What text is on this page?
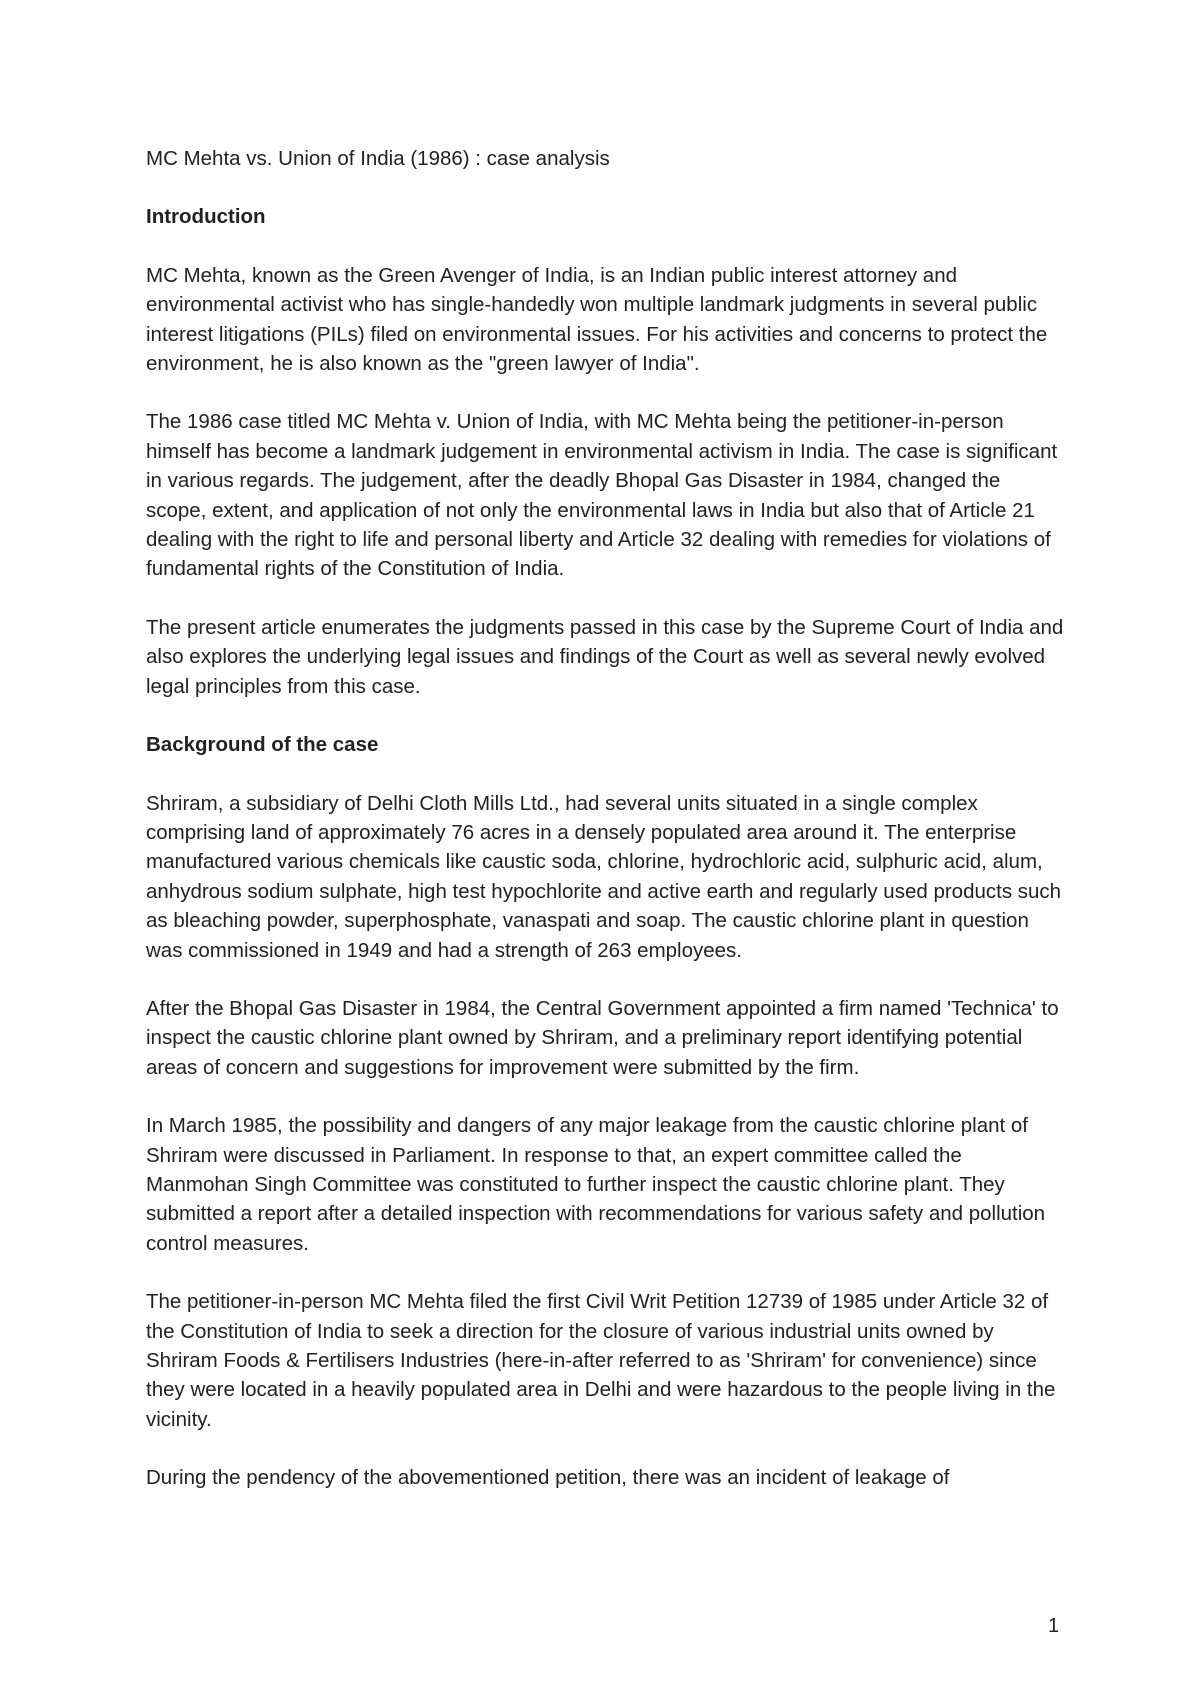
MC Mehta vs. Union of India (1986) : case analysis

Introduction

MC Mehta, known as the Green Avenger of India, is an Indian public interest attorney and environmental activist who has single-handedly won multiple landmark judgments in several public interest litigations (PILs) filed on environmental issues. For his activities and concerns to protect the environment, he is also known as the "green lawyer of India".

The 1986 case titled MC Mehta v. Union of India, with MC Mehta being the petitioner-in-person himself has become a landmark judgement in environmental activism in India. The case is significant in various regards. The judgement, after the deadly Bhopal Gas Disaster in 1984, changed the scope, extent, and application of not only the environmental laws in India but also that of Article 21 dealing with the right to life and personal liberty and Article 32 dealing with remedies for violations of fundamental rights of the Constitution of India.

The present article enumerates the judgments passed in this case by the Supreme Court of India and also explores the underlying legal issues and findings of the Court as well as several newly evolved legal principles from this case.

Background of the case

Shriram, a subsidiary of Delhi Cloth Mills Ltd., had several units situated in a single complex comprising land of approximately 76 acres in a densely populated area around it. The enterprise manufactured various chemicals like caustic soda, chlorine, hydrochloric acid, sulphuric acid, alum, anhydrous sodium sulphate, high test hypochlorite and active earth and regularly used products such as bleaching powder, superphosphate, vanaspati and soap. The caustic chlorine plant in question was commissioned in 1949 and had a strength of 263 employees.

After the Bhopal Gas Disaster in 1984, the Central Government appointed a firm named 'Technica' to inspect the caustic chlorine plant owned by Shriram, and a preliminary report identifying potential areas of concern and suggestions for improvement were submitted by the firm.

In March 1985, the possibility and dangers of any major leakage from the caustic chlorine plant of Shriram were discussed in Parliament. In response to that, an expert committee called the Manmohan Singh Committee was constituted to further inspect the caustic chlorine plant. They submitted a report after a detailed inspection with recommendations for various safety and pollution control measures.

The petitioner-in-person MC Mehta filed the first Civil Writ Petition 12739 of 1985 under Article 32 of the Constitution of India to seek a direction for the closure of various industrial units owned by Shriram Foods & Fertilisers Industries (here-in-after referred to as 'Shriram' for convenience) since they were located in a heavily populated area in Delhi and were hazardous to the people living in the vicinity.

During the pendency of the abovementioned petition, there was an incident of leakage of

1
